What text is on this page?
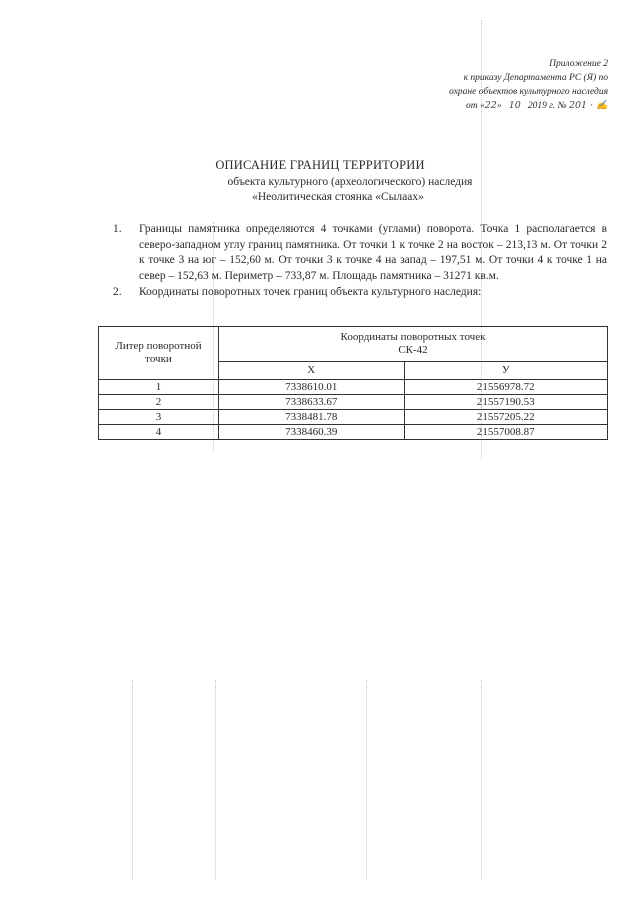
Приложение 2
к приказу Департамента РС (Я) по
охране объектов культурного наследия
от «22»   10   2019 г. № 201 · ✍
ОПИСАНИЕ ГРАНИЦ ТЕРРИТОРИИ
объекта культурного (археологического) наследия
«Неолитическая стоянка «Сылаах»
1. Границы памятника определяются 4 точками (углами) поворота. Точка 1 располагается в северо-западном углу границ памятника. От точки 1 к точке 2 на восток – 213,13 м. От точки 2 к точке 3 на юг – 152,60 м. От точки 3 к точке 4 на запад – 197,51 м. От точки 4 к точке 1 на север – 152,63 м. Периметр – 733,87 м. Площадь памятника – 31271 кв.м.
2. Координаты поворотных точек границ объекта культурного наследия:
Литер поворотной точки	Координаты поворотных точек
СК-42	

	X	У
1	7338610.01	21556978.72
2	7338633.67	21557190.53
3	7338481.78	21557205.22
4	7338460.39	21557008.87
